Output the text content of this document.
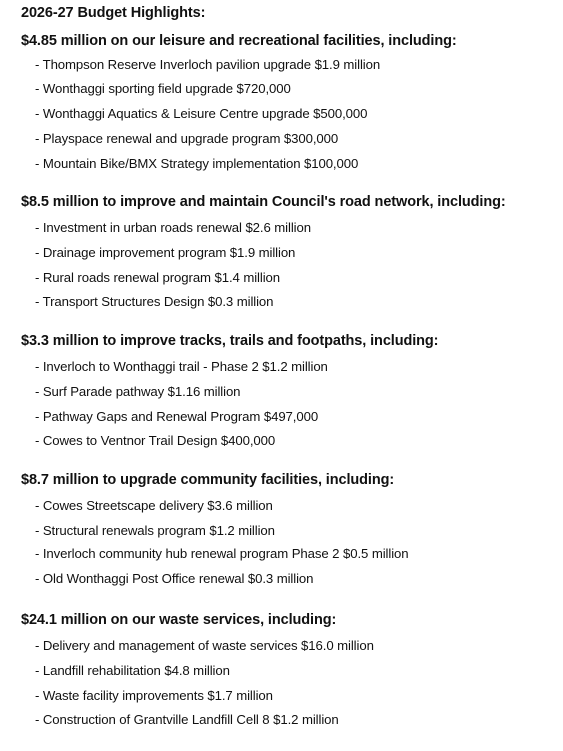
2026-27 Budget Highlights:
$4.85 million on our leisure and recreational facilities, including:
- Thompson Reserve Inverloch pavilion upgrade $1.9 million
- Wonthaggi sporting field upgrade $720,000
- Wonthaggi Aquatics & Leisure Centre upgrade $500,000
- Playspace renewal and upgrade program $300,000
- Mountain Bike/BMX Strategy implementation $100,000
$8.5 million to improve and maintain Council's road network, including:
- Investment in urban roads renewal $2.6 million
- Drainage improvement program $1.9 million
- Rural roads renewal program $1.4 million
- Transport Structures Design $0.3 million
$3.3 million to improve tracks, trails and footpaths, including:
- Inverloch to Wonthaggi trail - Phase 2 $1.2 million
- Surf Parade pathway $1.16 million
- Pathway Gaps and Renewal Program $497,000
- Cowes to Ventnor Trail Design $400,000
$8.7 million to upgrade community facilities, including:
- Cowes Streetscape delivery $3.6 million
- Structural renewals program $1.2 million
- Inverloch community hub renewal program Phase 2 $0.5 million
- Old Wonthaggi Post Office renewal $0.3 million
$24.1 million on our waste services, including:
- Delivery and management of waste services $16.0 million
- Landfill rehabilitation $4.8 million
- Waste facility improvements $1.7 million
- Construction of Grantville Landfill Cell 8 $1.2 million
